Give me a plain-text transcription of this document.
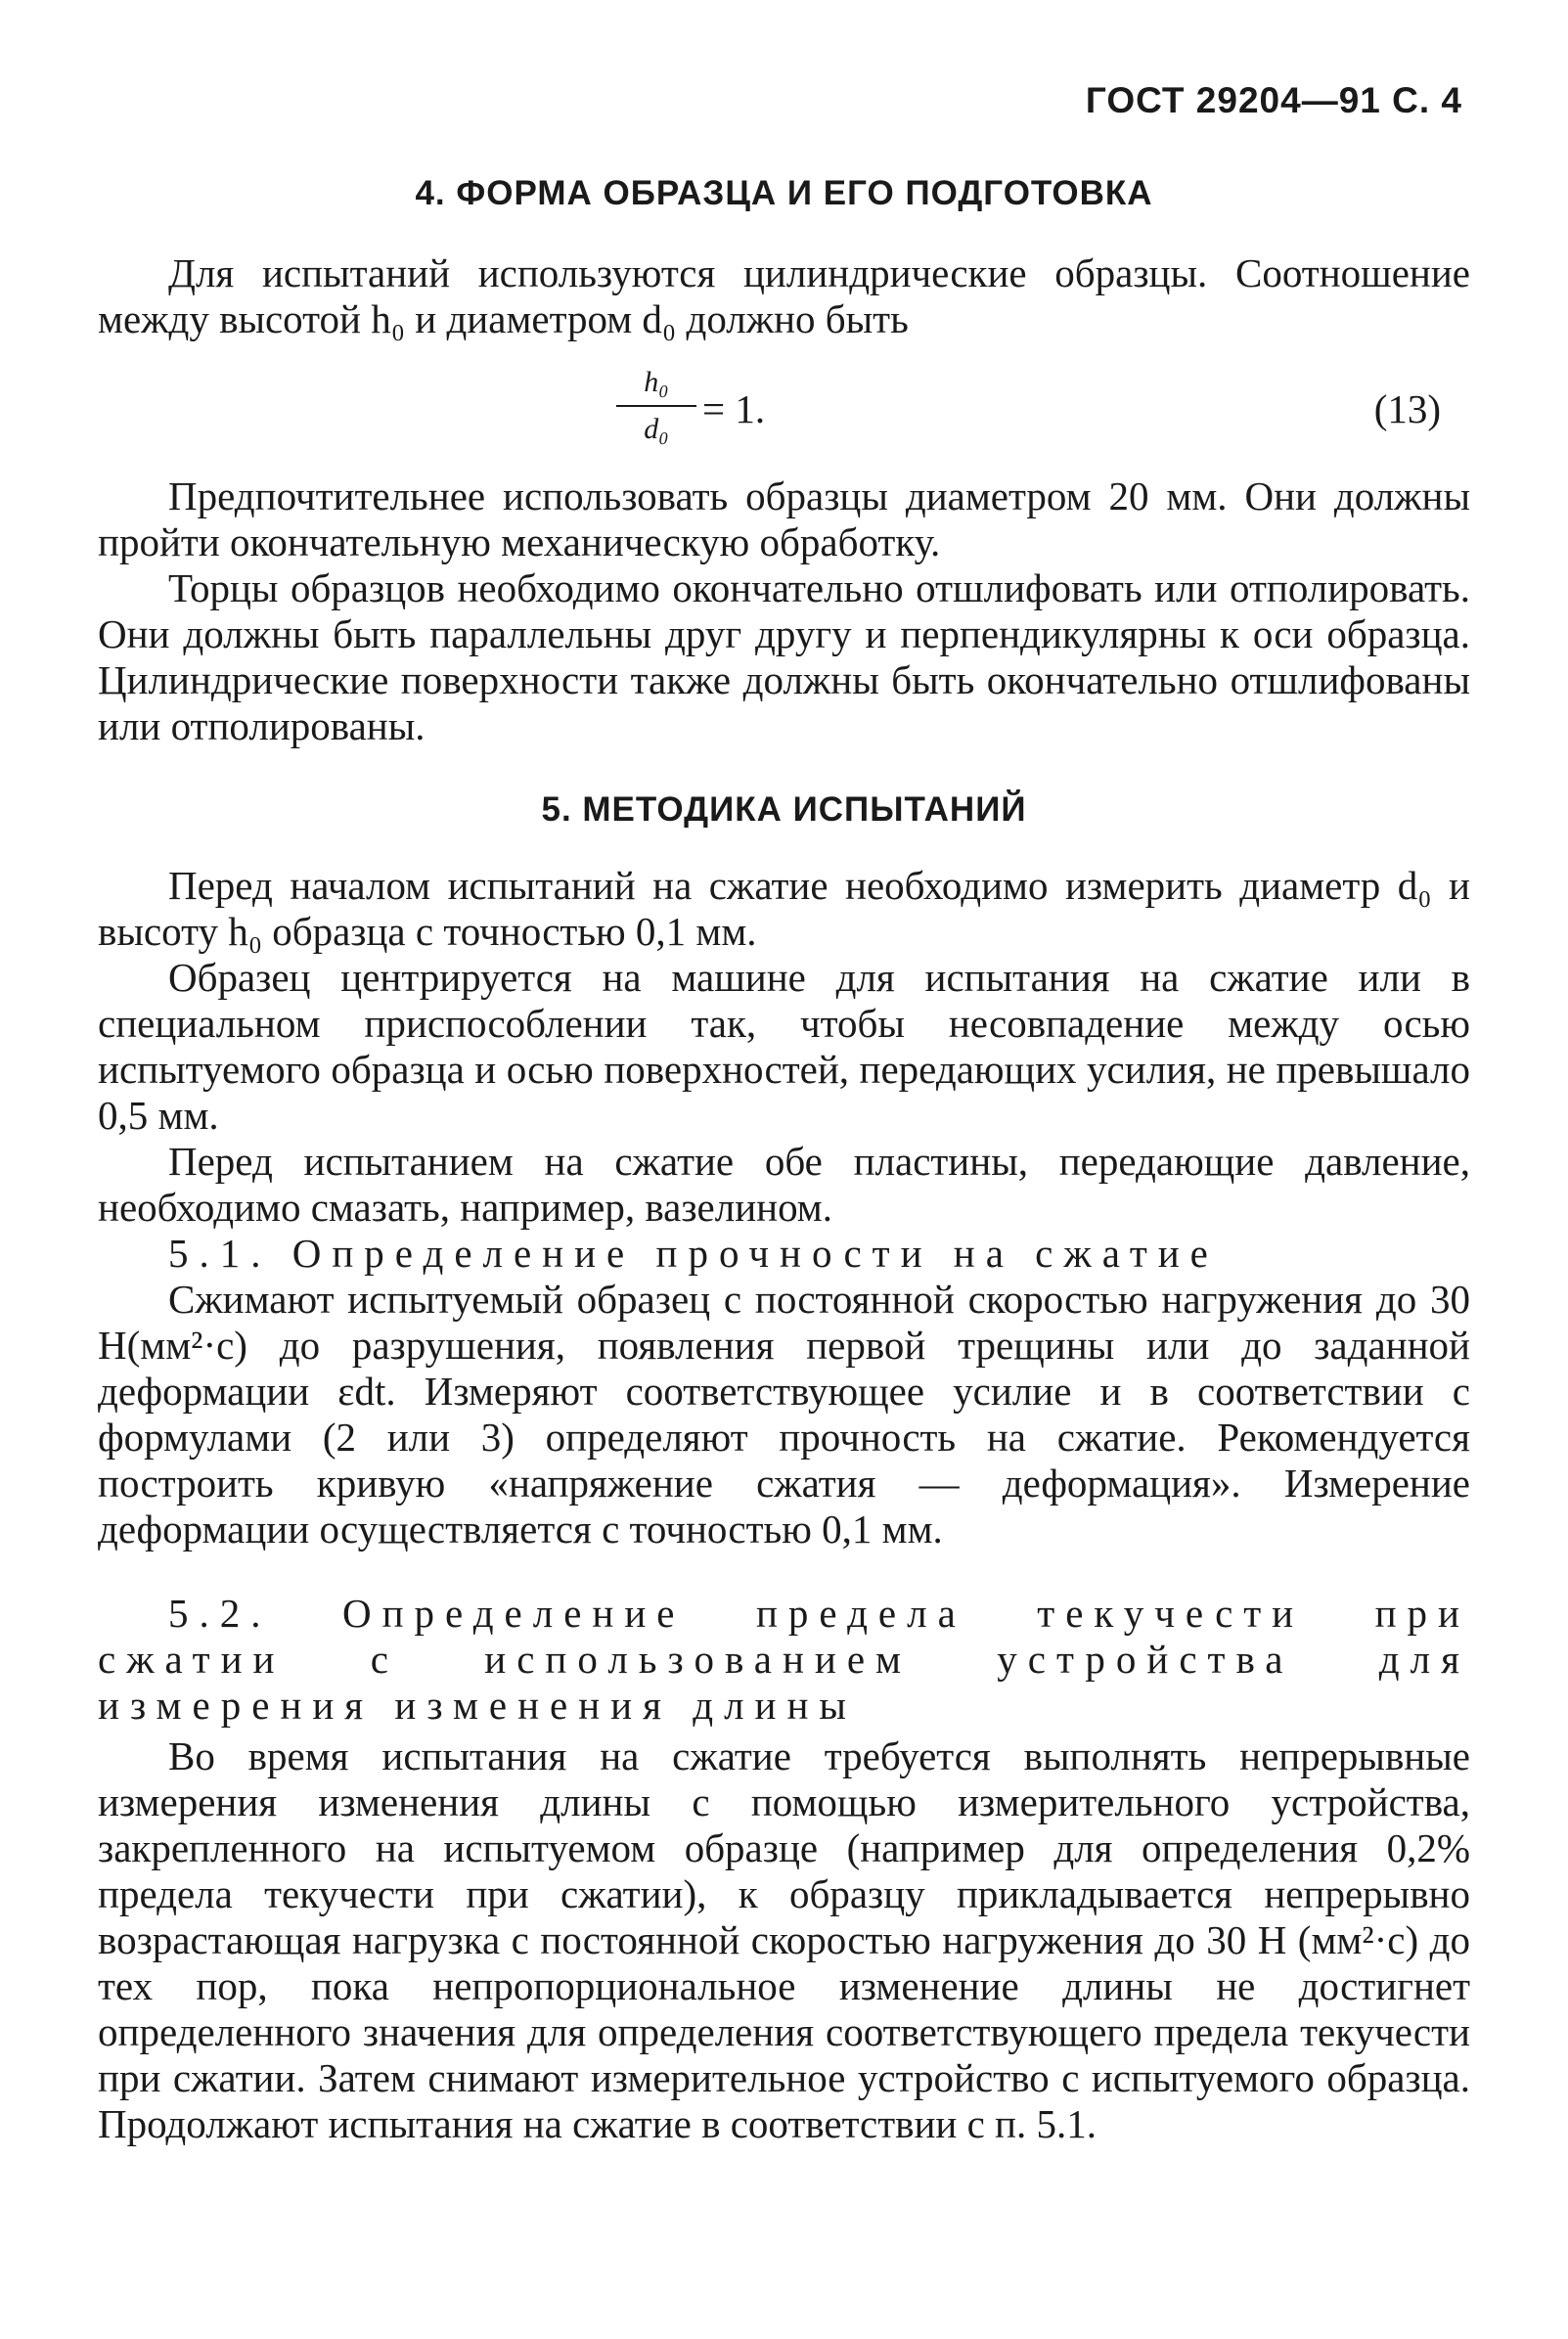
ГОСТ 29204—91 С. 4
4. ФОРМА ОБРАЗЦА И ЕГО ПОДГОТОВКА

Для испытаний используются цилиндрические образцы. Соотношение между высотой h₀ и диаметром d₀ должно быть

h₀
d₀ = 1.	(13)

Предпочтительнее использовать образцы диаметром 20 мм. Они должны пройти окончательную механическую обработку.

Торцы образцов необходимо окончательно отшлифовать или отполировать. Они должны быть параллельны друг другу и перпендикулярны к оси образца. Цилиндрические поверхности также должны быть окончательно отшлифованы или отполированы.

5. МЕТОДИКА ИСПЫТАНИЙ

Перед началом испытаний на сжатие необходимо измерить диаметр d₀ и высоту h₀ образца с точностью 0,1 мм.

Образец центрируется на машине для испытания на сжатие или в специальном приспособлении так, чтобы несовпадение между осью испытуемого образца и осью поверхностей, передающих усилия, не превышало 0,5 мм.

Перед испытанием на сжатие обе пластины, передающие давление, необходимо смазать, например, вазелином.

5.1. Определение прочности на сжатие

Сжимают испытуемый образец с постоянной скоростью нагружения до 30 Н(мм²·с) до разрушения, появления первой трещины или до заданной деформации εdt. Измеряют соответствующее усилие и в соответствии с формулами (2 или 3) определяют прочность на сжатие. Рекомендуется построить кривую «напряжение сжатия — деформация». Измерение деформации осуществляется с точностью 0,1 мм.

5.2. Определение предела текучести при сжатии с использованием устройства для измерения изменения длины

Во время испытания на сжатие требуется выполнять непрерывные измерения изменения длины с помощью измерительного устройства, закрепленного на испытуемом образце (например для определения 0,2% предела текучести при сжатии), к образцу прикладывается непрерывно возрастающая нагрузка с постоянной скоростью нагружения до 30 Н (мм²·с) до тех пор, пока непропорциональное изменение длины не достигнет определенного значения для определения соответствующего предела текучести при сжатии. Затем снимают измерительное устройство с испытуемого образца. Продолжают испытания на сжатие в соответствии с п. 5.1.
